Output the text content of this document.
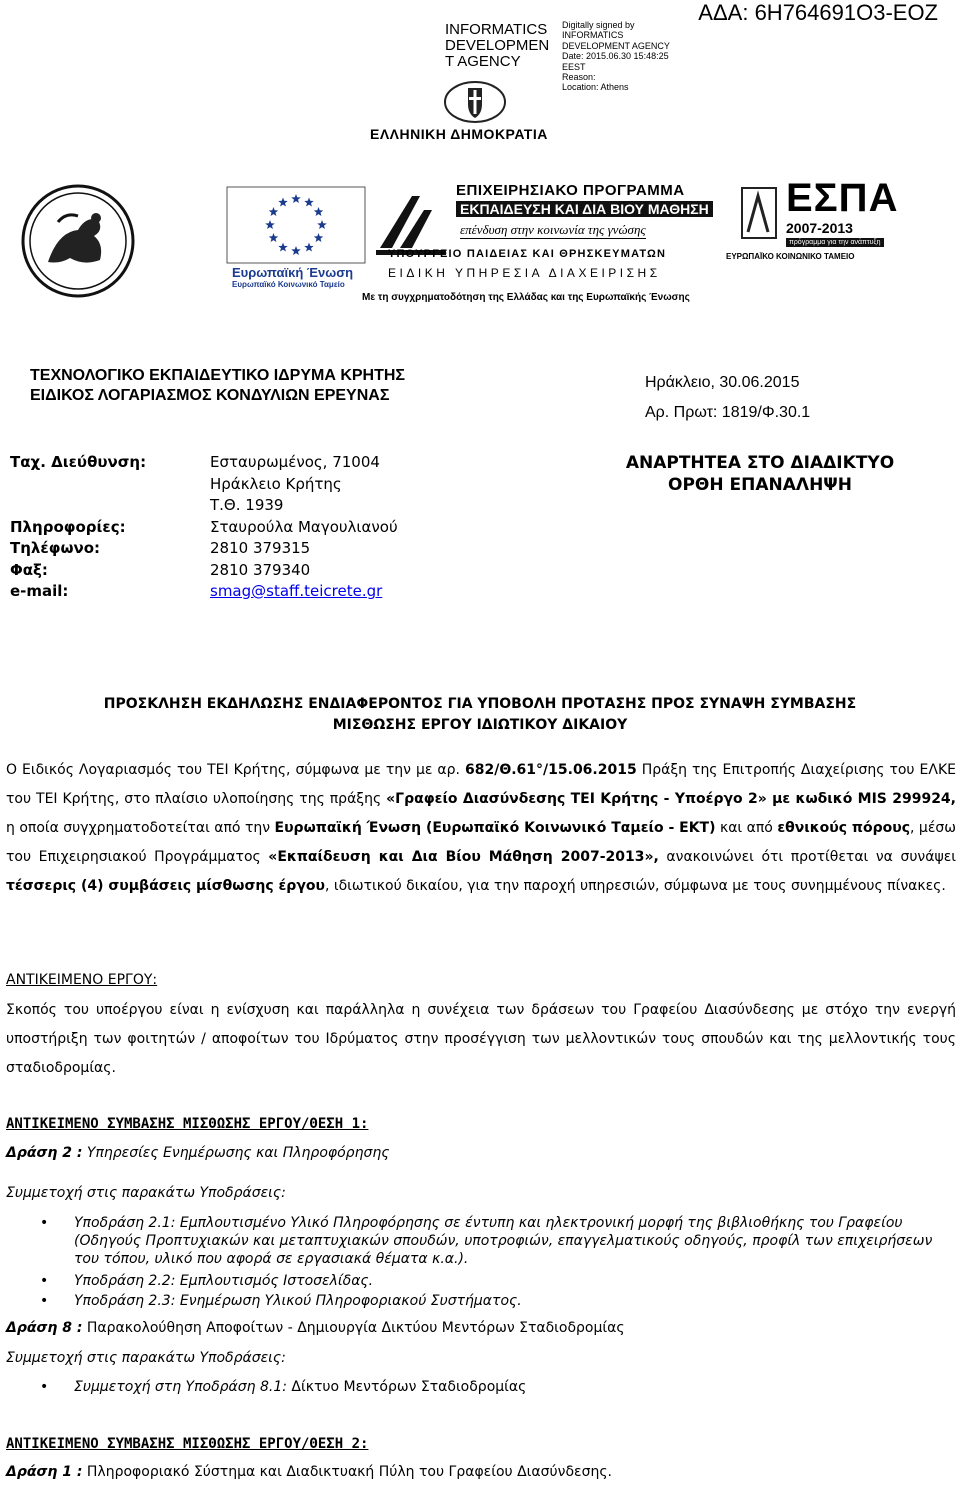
INFORMATICS
DEVELOPMEN
T AGENCY
Digitally signed by
INFORMATICS
DEVELOPMENT AGENCY
Date: 2015.06.30 15:48:25
EEST
Reason:
Location: Athens
ΑΔΑ: 6Η764691Ο3-ΕΟΖ
ΕΛΛΗΝΙΚΗ ΔΗΜΟΚΡΑΤΙΑ
Ευρωπαϊκή Ένωση
Ευρωπαϊκό Κοινωνικό Ταμείο
ΕΠΙΧΕΙΡΗΣΙΑΚΟ ΠΡΟΓΡΑΜΜΑ
ΕΚΠΑΙΔΕΥΣΗ ΚΑΙ ΔΙΑ ΒΙΟΥ ΜΑΘΗΣΗ
επένδυση στην κοινωνία της γνώσης
ΥΠΟΥΡΓΕΙΟ ΠΑΙΔΕΙΑΣ ΚΑΙ ΘΡΗΣΚΕΥΜΑΤΩΝ
ΕΙΔΙΚΗ ΥΠΗΡΕΣΙΑ ΔΙΑΧΕΙΡΙΣΗΣ
ΕΣΠΑ
2007-2013
πρόγραμμα για την ανάπτυξη
ΕΥΡΩΠΑΪΚΟ ΚΟΙΝΩΝΙΚΟ ΤΑΜΕΙΟ
Με τη συγχρηματοδότηση της Ελλάδας και της Ευρωπαϊκής Ένωσης
ΤΕΧΝΟΛΟΓΙΚΟ ΕΚΠΑΙΔΕΥΤΙΚΟ ΙΔΡΥΜΑ ΚΡΗΤΗΣ
ΕΙΔΙΚΟΣ ΛΟΓΑΡΙΑΣΜΟΣ ΚΟΝΔΥΛΙΩΝ ΕΡΕΥΝΑΣ
Ηράκλειο, 30.06.2015
Αρ. Πρωτ: 1819/Φ.30.1
Ταχ. Διεύθυνση:	Εσταυρωμένος, 71004
Ηράκλειο Κρήτης
Τ.Θ. 1939
Πληροφορίες:	Σταυρούλα Μαγουλιανού
Τηλέφωνο:	2810 379315
Φαξ:	2810 379340
e-mail:	smag@staff.teicrete.gr
ΑΝΑΡΤΗΤΕΑ ΣΤΟ ΔΙΑΔΙΚΤΥΟ
ΟΡΘΗ ΕΠΑΝΑΛΗΨΗ
ΠΡΟΣΚΛΗΣΗ ΕΚΔΗΛΩΣΗΣ ΕΝΔΙΑΦΕΡΟΝΤΟΣ ΓΙΑ ΥΠΟΒΟΛΗ ΠΡΟΤΑΣΗΣ ΠΡΟΣ ΣΥΝΑΨΗ ΣΥΜΒΑΣΗΣ
ΜΙΣΘΩΣΗΣ ΕΡΓΟΥ ΙΔΙΩΤΙΚΟΥ ΔΙΚΑΙΟΥ
Ο Ειδικός Λογαριασμός του ΤΕΙ Κρήτης, σύμφωνα με την με αρ. 682/Θ.61°/15.06.2015 Πράξη της Επιτροπής Διαχείρισης του ΕΛΚΕ του ΤΕΙ Κρήτης, στο πλαίσιο υλοποίησης της πράξης «Γραφείο Διασύνδεσης ΤΕΙ Κρήτης - Υποέργο 2» με κωδικό MIS 299924, η οποία συγχρηματοδοτείται από την Ευρωπαϊκή Ένωση (Ευρωπαϊκό Κοινωνικό Ταμείο - ΕΚΤ) και από εθνικούς πόρους, μέσω του Επιχειρησιακού Προγράμματος «Εκπαίδευση και Δια Βίου Μάθηση 2007-2013», ανακοινώνει ότι προτίθεται να συνάψει τέσσερις (4) συμβάσεις μίσθωσης έργου, ιδιωτικού δικαίου, για την παροχή υπηρεσιών, σύμφωνα με τους συνημμένους πίνακες.
ΑΝΤΙΚΕΙΜΕΝΟ ΕΡΓΟΥ:
Σκοπός του υποέργου είναι η ενίσχυση και παράλληλα η συνέχεια των δράσεων του Γραφείου Διασύνδεσης με στόχο την ενεργή υποστήριξη των φοιτητών / αποφοίτων του Ιδρύματος στην προσέγγιση των μελλοντικών τους σπουδών και της μελλοντικής τους σταδιοδρομίας.
ΑΝΤΙΚΕΙΜΕΝΟ ΣΥΜΒΑΣΗΣ ΜΙΣΘΩΣΗΣ ΕΡΓΟΥ/ΘΕΣΗ 1:
Δράση 2 : Υπηρεσίες Ενημέρωσης και Πληροφόρησης
Συμμετοχή στις παρακάτω Υποδράσεις:
• Υποδράση 2.1: Εμπλουτισμένο Υλικό Πληροφόρησης σε έντυπη και ηλεκτρονική μορφή της βιβλιοθήκης του Γραφείου (Οδηγούς Προπτυχιακών και μεταπτυχιακών σπουδών, υποτροφιών, επαγγελματικούς οδηγούς, προφίλ των επιχειρήσεων του τόπου, υλικό που αφορά σε εργασιακά θέματα κ.α.).
• Υποδράση 2.2: Εμπλουτισμός Ιστοσελίδας.
• Υποδράση 2.3: Ενημέρωση Υλικού Πληροφοριακού Συστήματος.
Δράση 8 : Παρακολούθηση Αποφοίτων - Δημιουργία Δικτύου Μεντόρων Σταδιοδρομίας
Συμμετοχή στις παρακάτω Υποδράσεις:
• Συμμετοχή στη Υποδράση 8.1: Δίκτυο Μεντόρων Σταδιοδρομίας
ΑΝΤΙΚΕΙΜΕΝΟ ΣΥΜΒΑΣΗΣ ΜΙΣΘΩΣΗΣ ΕΡΓΟΥ/ΘΕΣΗ 2:
Δράση 1 : Πληροφοριακό Σύστημα και Διαδικτυακή Πύλη του Γραφείου Διασύνδεσης.
